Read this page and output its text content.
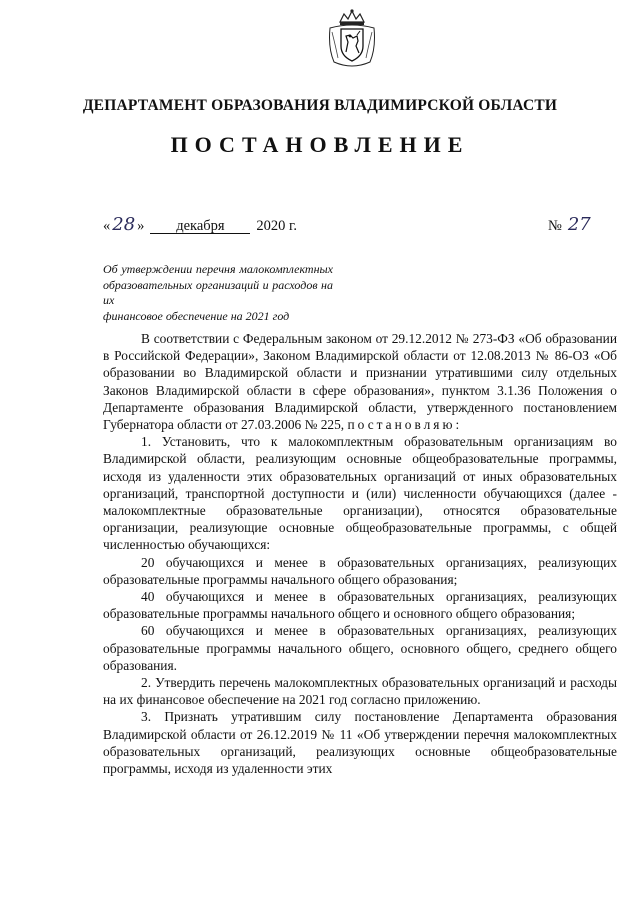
ДЕПАРТАМЕНТ ОБРАЗОВАНИЯ ВЛАДИМИРСКОЙ ОБЛАСТИ
ПОСТАНОВЛЕНИЕ
« 28 » декабря 2020 г.	№ 27
Об утверждении перечня малокомплектных образовательных организаций и расходов на их
финансовое обеспечение на 2021 год

В соответствии с Федеральным законом от 29.12.2012 № 273-ФЗ «Об образовании в Российской Федерации», Законом Владимирской области от 12.08.2013 № 86-ОЗ «Об образовании во Владимирской области и признании утратившими силу отдельных Законов Владимирской области в сфере образования», пунктом 3.1.36 Положения о Департаменте образования Владимирской области, утвержденного постановлением Губернатора области от 27.03.2006 № 225, постановляю:

1. Установить, что к малокомплектным образовательным организациям во Владимирской области, реализующим основные общеобразовательные программы, исходя из удаленности этих образовательных организаций от иных образовательных организаций, транспортной доступности и (или) численности обучающихся (далее - малокомплектные образовательные организации), относятся образовательные организации, реализующие основные общеобразовательные программы, с общей численностью обучающихся:

20 обучающихся и менее в образовательных организациях, реализующих образовательные программы начального общего образования;

40 обучающихся и менее в образовательных организациях, реализующих образовательные программы начального общего и основного общего образования;

60 обучающихся и менее в образовательных организациях, реализующих образовательные программы начального общего, основного общего, среднего общего образования.

2. Утвердить перечень малокомплектных образовательных организаций и расходы на их финансовое обеспечение на 2021 год согласно приложению.

3. Признать утратившим силу постановление Департамента образования Владимирской области от 26.12.2019 № 11 «Об утверждении перечня малокомплектных образовательных организаций, реализующих основные общеобразовательные программы, исходя из удаленности этих
